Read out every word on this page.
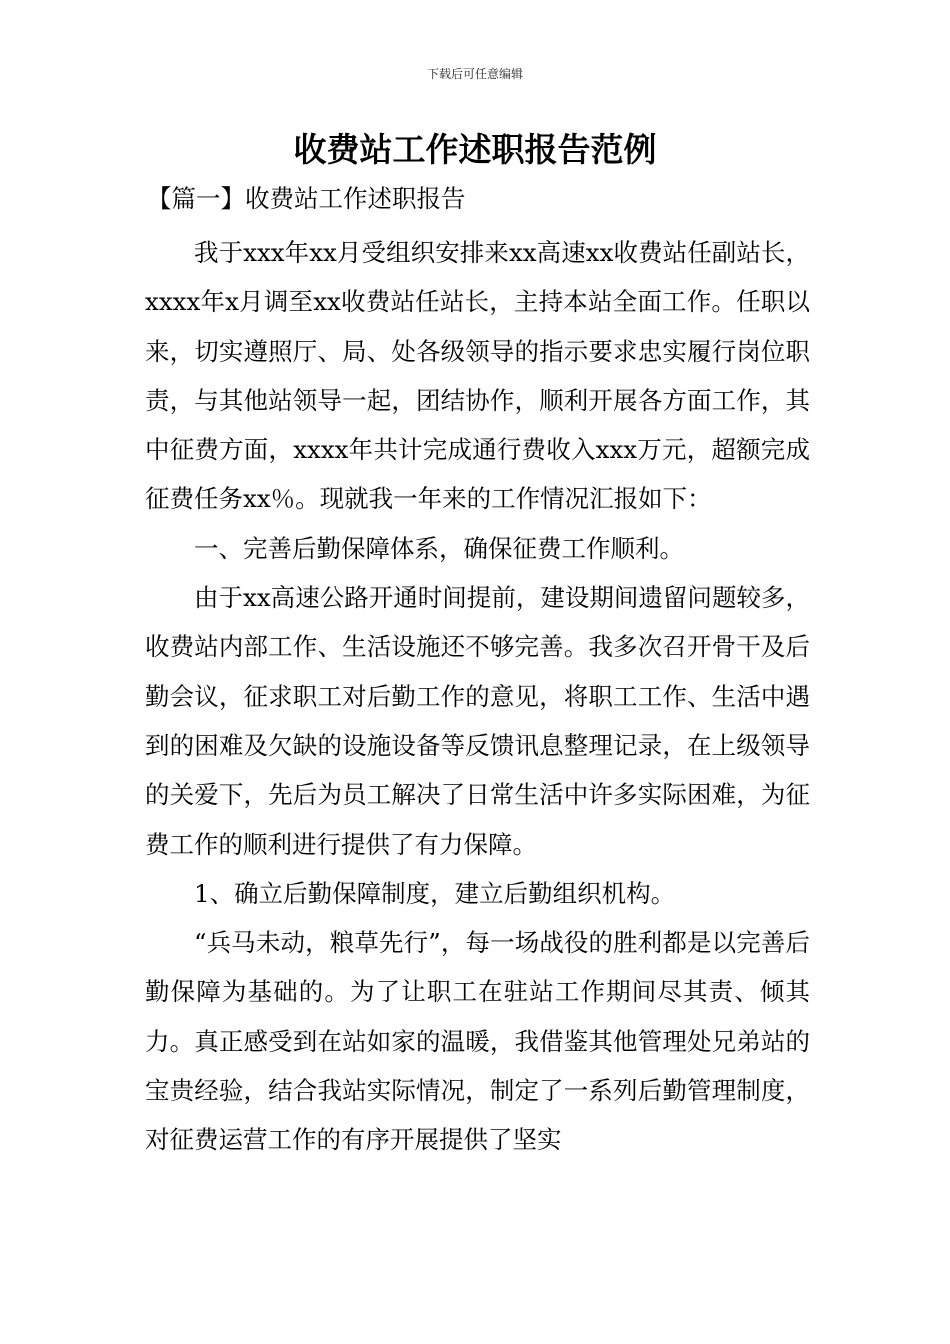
下载后可任意编辑
收费站工作述职报告范例
【篇一】收费站工作述职报告

我于xxx年xx月受组织安排来xx高速xx收费站任副站长，xxxx年x月调至xx收费站任站长，主持本站全面工作。任职以来，切实遵照厅、局、处各级领导的指示要求忠实履行岗位职责，与其他站领导一起，团结协作，顺利开展各方面工作，其中征费方面，xxxx年共计完成通行费收入xxx万元，超额完成征费任务xx％。现就我一年来的工作情况汇报如下：

一、完善后勤保障体系，确保征费工作顺利。

由于xx高速公路开通时间提前，建设期间遗留问题较多，收费站内部工作、生活设施还不够完善。我多次召开骨干及后勤会议，征求职工对后勤工作的意见，将职工工作、生活中遇到的困难及欠缺的设施设备等反馈讯息整理记录，在上级领导的关爱下，先后为员工解决了日常生活中许多实际困难，为征费工作的顺利进行提供了有力保障。

1、确立后勤保障制度，建立后勤组织机构。

“兵马未动，粮草先行”，每一场战役的胜利都是以完善后勤保障为基础的。为了让职工在驻站工作期间尽其责、倾其力。真正感受到在站如家的温暖，我借鉴其他管理处兄弟站的宝贵经验，结合我站实际情况，制定了一系列后勤管理制度，对征费运营工作的有序开展提供了坚实
